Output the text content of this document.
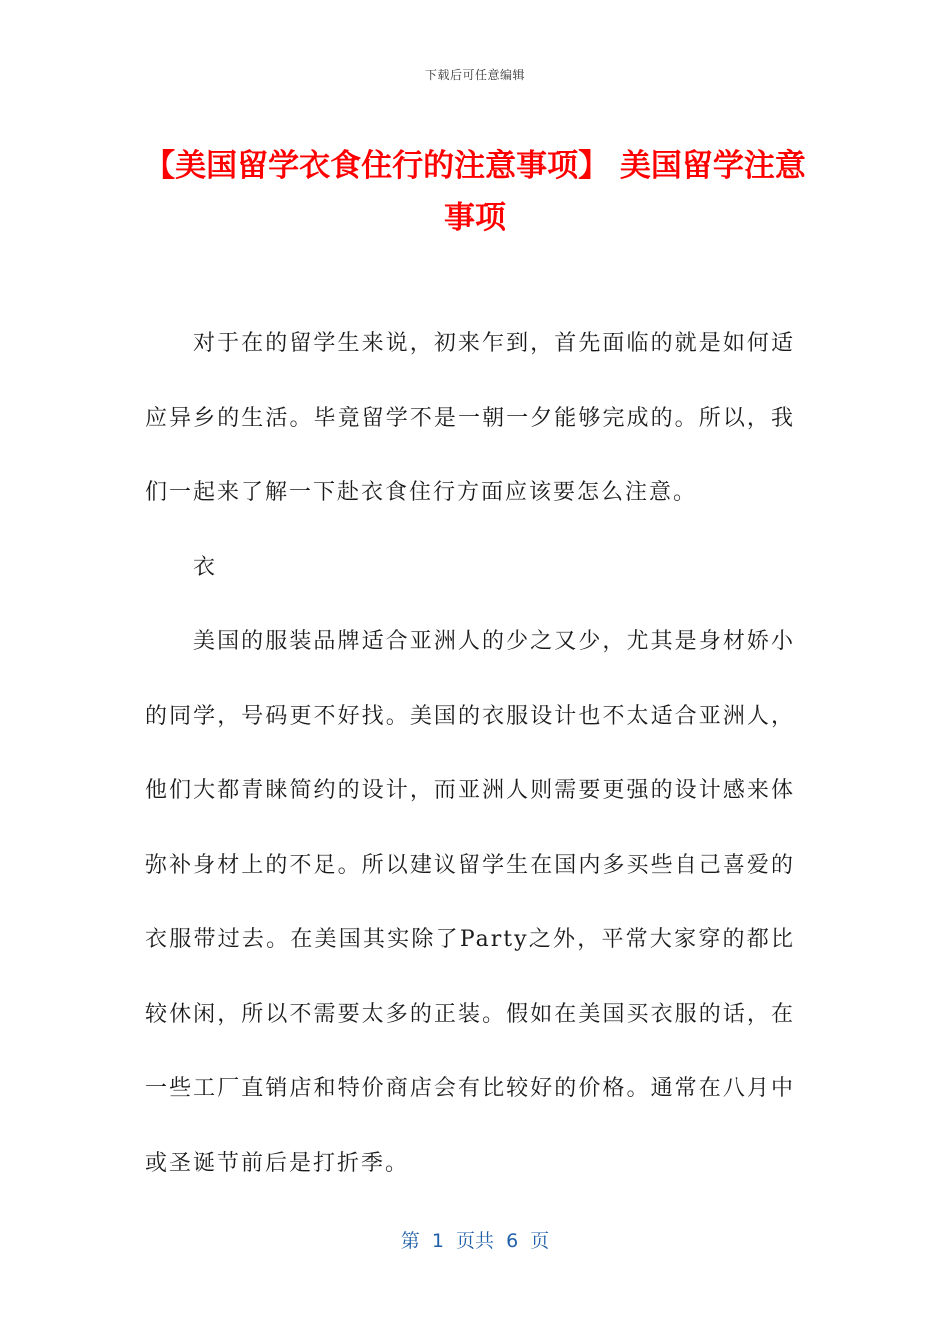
下载后可任意编辑
【美国留学衣食住行的注意事项】 美国留学注意事项

对于在的留学生来说，初来乍到，首先面临的就是如何适应异乡的生活。毕竟留学不是一朝一夕能够完成的。所以，我们一起来了解一下赴衣食住行方面应该要怎么注意。

衣

美国的服装品牌适合亚洲人的少之又少，尤其是身材娇小的同学，号码更不好找。美国的衣服设计也不太适合亚洲人，他们大都青睐简约的设计，而亚洲人则需要更强的设计感来体弥补身材上的不足。所以建议留学生在国内多买些自己喜爱的衣服带过去。在美国其实除了Party之外，平常大家穿的都比较休闲，所以不需要太多的正装。假如在美国买衣服的话，在一些工厂直销店和特价商店会有比较好的价格。通常在八月中或圣诞节前后是打折季。

第  1  页共  6  页
